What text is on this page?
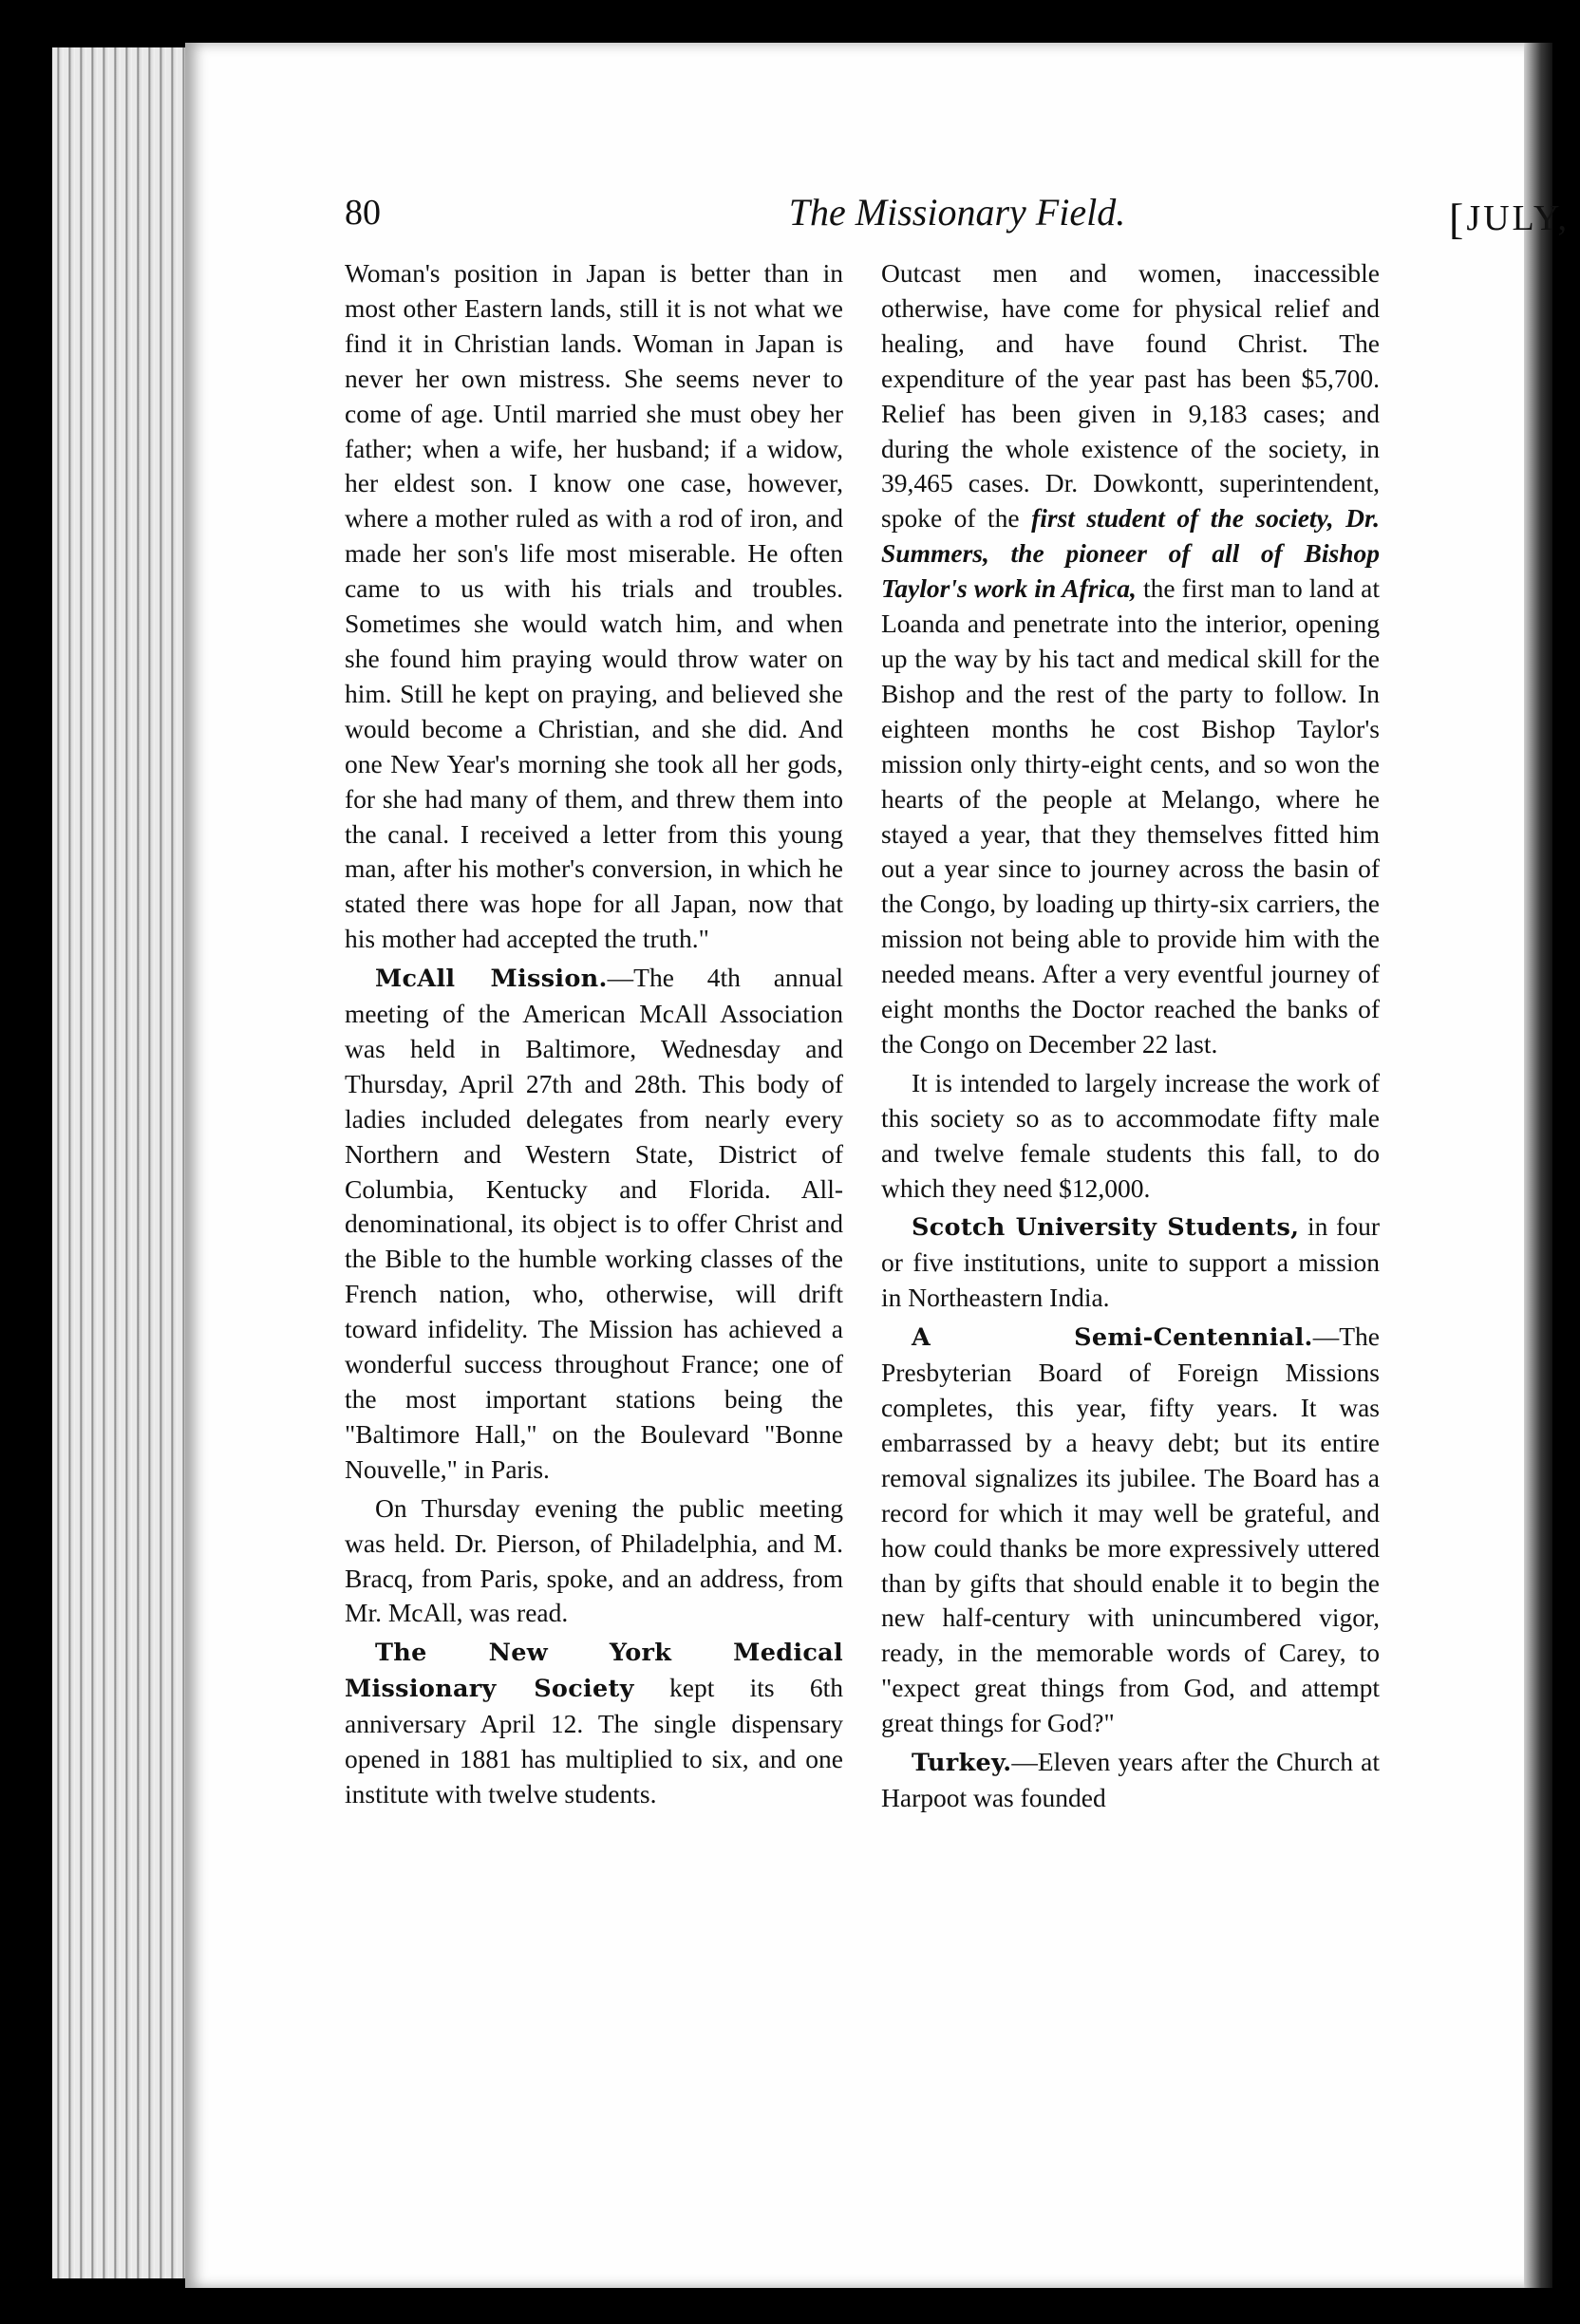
80	The Missionary Field.	[JULY,

Woman's position in Japan is better than in most other Eastern lands, still it is not what we find it in Christian lands. Woman in Japan is never her own mistress. She seems never to come of age. Until married she must obey her father; when a wife, her husband; if a widow, her eldest son. I know one case, however, where a mother ruled as with a rod of iron, and made her son's life most miserable. He often came to us with his trials and troubles. Sometimes she would watch him, and when she found him praying would throw water on him. Still he kept on praying, and believed she would become a Christian, and she did. And one New Year's morning she took all her gods, for she had many of them, and threw them into the canal. I received a letter from this young man, after his mother's conversion, in which he stated there was hope for all Japan, now that his mother had accepted the truth."

McAll Mission.—The 4th annual meeting of the American McAll Association was held in Baltimore, Wednesday and Thursday, April 27th and 28th. This body of ladies included delegates from nearly every Northern and Western State, District of Columbia, Kentucky and Florida. All-denominational, its object is to offer Christ and the Bible to the humble working classes of the French nation, who, otherwise, will drift toward infidelity. The Mission has achieved a wonderful success throughout France; one of the most important stations being the "Baltimore Hall," on the Boulevard "Bonne Nouvelle," in Paris.

On Thursday evening the public meeting was held. Dr. Pierson, of Philadelphia, and M. Bracq, from Paris, spoke, and an address, from Mr. McAll, was read.

The New York Medical Missionary Society kept its 6th anniversary April 12. The single dispensary opened in 1881 has multiplied to six, and one institute with twelve students.

Outcast men and women, inaccessible otherwise, have come for physical relief and healing, and have found Christ. The expenditure of the year past has been $5,700. Relief has been given in 9,183 cases; and during the whole existence of the society, in 39,465 cases. Dr. Dowkontt, superintendent, spoke of the first student of the society, Dr. Summers, the pioneer of all of Bishop Taylor's work in Africa, the first man to land at Loanda and penetrate into the interior, opening up the way by his tact and medical skill for the Bishop and the rest of the party to follow. In eighteen months he cost Bishop Taylor's mission only thirty-eight cents, and so won the hearts of the people at Melango, where he stayed a year, that they themselves fitted him out a year since to journey across the basin of the Congo, by loading up thirty-six carriers, the mission not being able to provide him with the needed means. After a very eventful journey of eight months the Doctor reached the banks of the Congo on December 22 last.

It is intended to largely increase the work of this society so as to accommodate fifty male and twelve female students this fall, to do which they need $12,000.

Scotch University Students, in four or five institutions, unite to support a mission in Northeastern India.

A Semi-Centennial.—The Presbyterian Board of Foreign Missions completes, this year, fifty years. It was embarrassed by a heavy debt; but its entire removal signalizes its jubilee. The Board has a record for which it may well be grateful, and how could thanks be more expressively uttered than by gifts that should enable it to begin the new half-century with unincumbered vigor, ready, in the memorable words of Carey, to "expect great things from God, and attempt great things for God?"

Turkey.—Eleven years after the Church at Harpoot was founded
